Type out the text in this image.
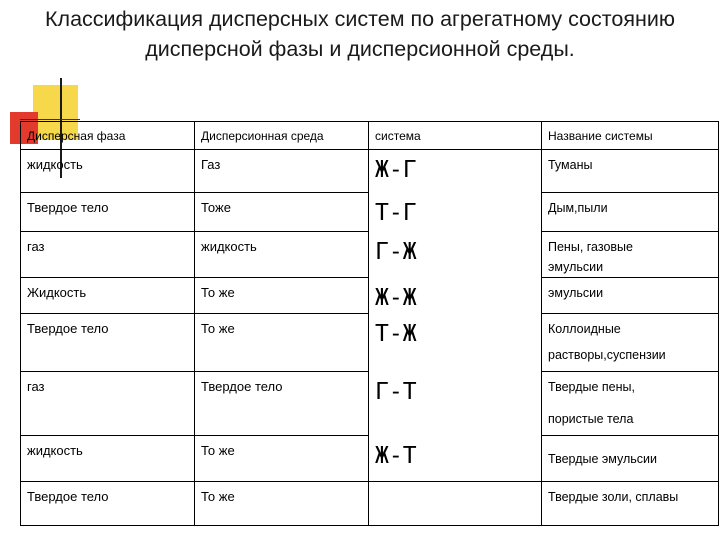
Классификация дисперсных систем по агрегатному состоянию
дисперсной фазы и дисперсионной среды.
Дисперсная фаза	Дисперсионная среда	система	Название системы
жидкость	Газ	Ж-Г	Туманы

Твердое тело	Тоже	Т-Г	Дым,пыли

газ	жидкость	Г-Ж	Пены, газовые
эмульсии

Жидкость	То же	Ж-Ж	эмульсии

Твердое тело	То же	Т-Ж	Коллоидные
растворы,суспензии

газ	Твердое тело	Г-Т	Твердые пены,
пористые тела

жидкость	То же	Ж-Т	Твердые эмульсии

Твердое тело	То же		Твердые золи, сплавы
